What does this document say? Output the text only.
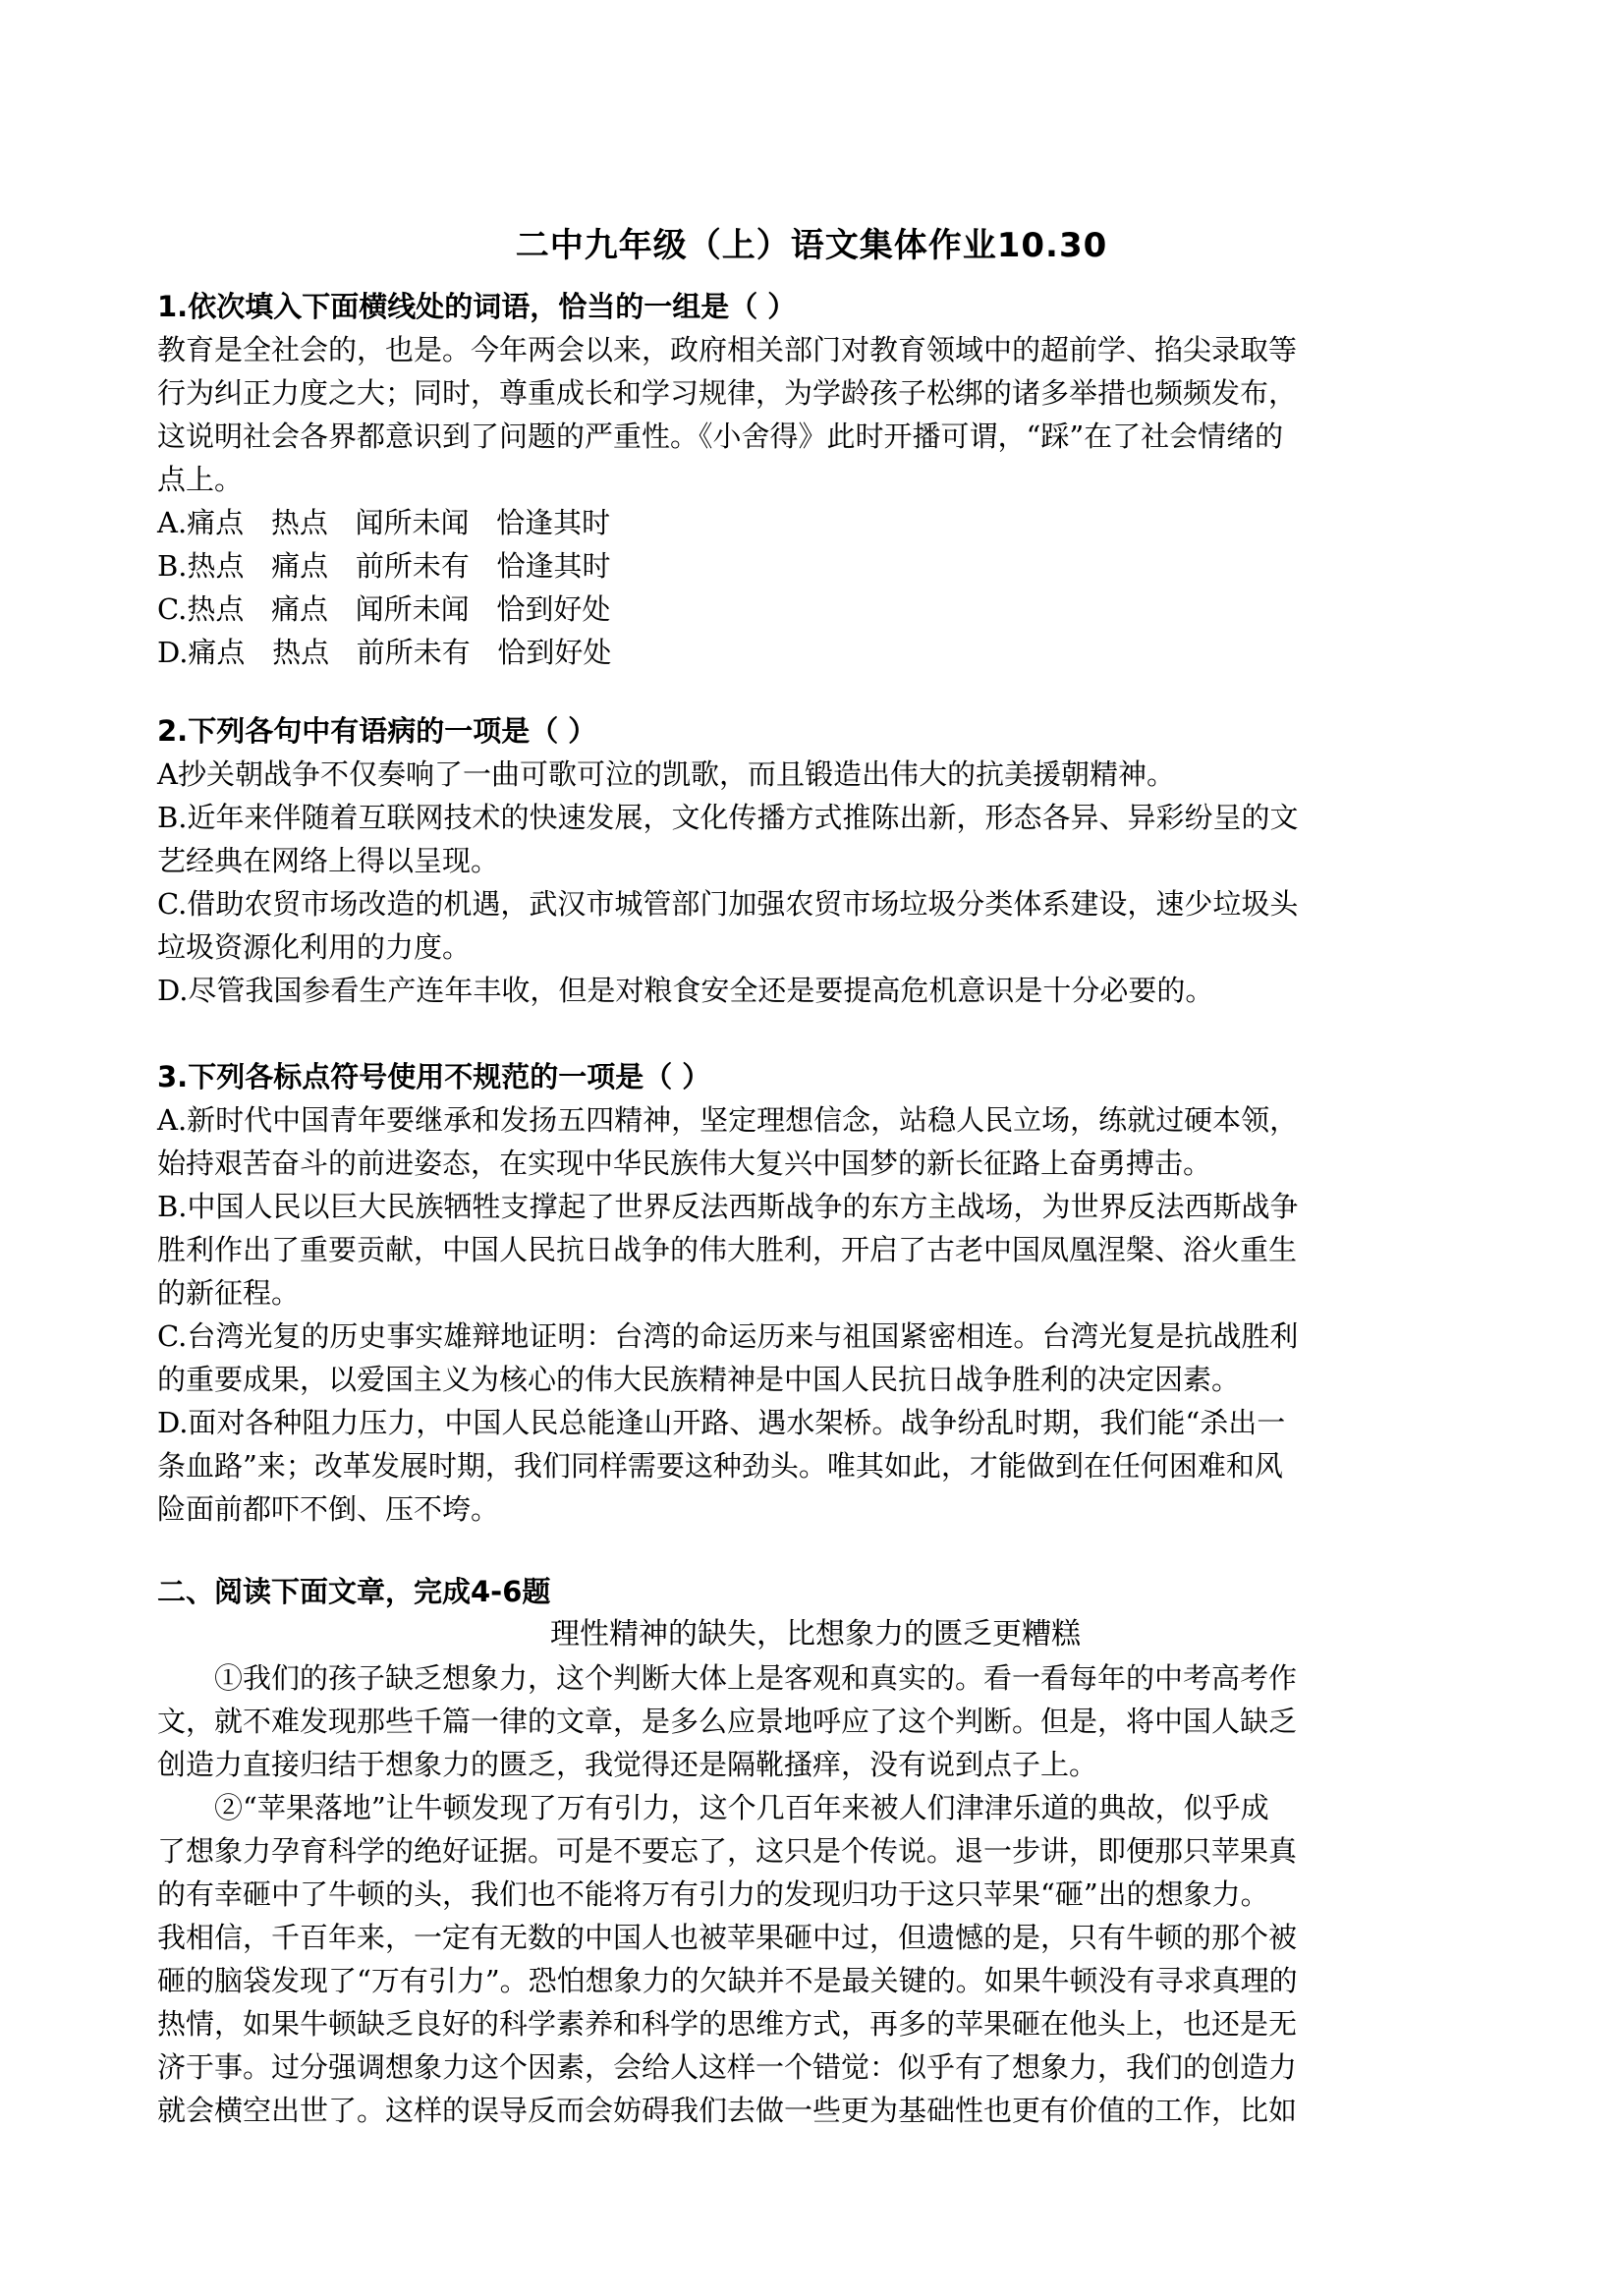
二中九年级（上）语文集体作业10.30
1.依次填入下面横线处的词语，恰当的一组是（ ）
教育是全社会的，也是。今年两会以来，政府相关部门对教育领域中的超前学、掐尖录取等
行为纠正力度之大；同时，尊重成长和学习规律，为学龄孩子松绑的诸多举措也频频发布，
这说明社会各界都意识到了问题的严重性。《小舍得》此时开播可谓，“踩”在了社会情绪的
点上。
A.痛点   热点   闻所未闻   恰逢其时
B.热点   痛点   前所未有   恰逢其时
C.热点   痛点   闻所未闻   恰到好处
D.痛点   热点   前所未有   恰到好处
2.下列各句中有语病的一项是（ ）
A抄关朝战争不仅奏响了一曲可歌可泣的凯歌，而且锻造出伟大的抗美援朝精神。
B.近年来伴随着互联网技术的快速发展，文化传播方式推陈出新，形态各异、异彩纷呈的文
艺经典在网络上得以呈现。
C.借助农贸市场改造的机遇，武汉市城管部门加强农贸市场垃圾分类体系建设，速少垃圾头
垃圾资源化利用的力度。
D.尽管我国参看生产连年丰收，但是对粮食安全还是要提高危机意识是十分必要的。
3.下列各标点符号使用不规范的一项是（ ）
A.新时代中国青年要继承和发扬五四精神，坚定理想信念，站稳人民立场，练就过硬本领，
始持艰苦奋斗的前进姿态，在实现中华民族伟大复兴中国梦的新长征路上奋勇搏击。
B.中国人民以巨大民族牺牲支撑起了世界反法西斯战争的东方主战场，为世界反法西斯战争
胜利作出了重要贡献，中国人民抗日战争的伟大胜利，开启了古老中国凤凰涅槃、浴火重生
的新征程。
C.台湾光复的历史事实雄辩地证明：台湾的命运历来与祖国紧密相连。台湾光复是抗战胜利
的重要成果，以爱国主义为核心的伟大民族精神是中国人民抗日战争胜利的决定因素。
D.面对各种阻力压力，中国人民总能逢山开路、遇水架桥。战争纷乱时期，我们能“杀出一
条血路”来；改革发展时期，我们同样需要这种劲头。唯其如此，才能做到在任何困难和风
险面前都吓不倒、压不垮。
二、阅读下面文章，完成4-6题
理性精神的缺失，比想象力的匮乏更糟糕
①我们的孩子缺乏想象力，这个判断大体上是客观和真实的。看一看每年的中考高考作
文，就不难发现那些千篇一律的文章，是多么应景地呼应了这个判断。但是，将中国人缺乏
创造力直接归结于想象力的匮乏，我觉得还是隔靴搔痒，没有说到点子上。
②“苹果落地”让牛顿发现了万有引力，这个几百年来被人们津津乐道的典故，似乎成
了想象力孕育科学的绝好证据。可是不要忘了，这只是个传说。退一步讲，即便那只苹果真
的有幸砸中了牛顿的头，我们也不能将万有引力的发现归功于这只苹果“砸”出的想象力。
我相信，千百年来，一定有无数的中国人也被苹果砸中过，但遗憾的是，只有牛顿的那个被
砸的脑袋发现了“万有引力”。恐怕想象力的欠缺并不是最关键的。如果牛顿没有寻求真理的
热情，如果牛顿缺乏良好的科学素养和科学的思维方式，再多的苹果砸在他头上，也还是无
济于事。过分强调想象力这个因素，会给人这样一个错觉：似乎有了想象力，我们的创造力
就会横空出世了。这样的误导反而会妨碍我们去做一些更为基础性也更有价值的工作，比如
